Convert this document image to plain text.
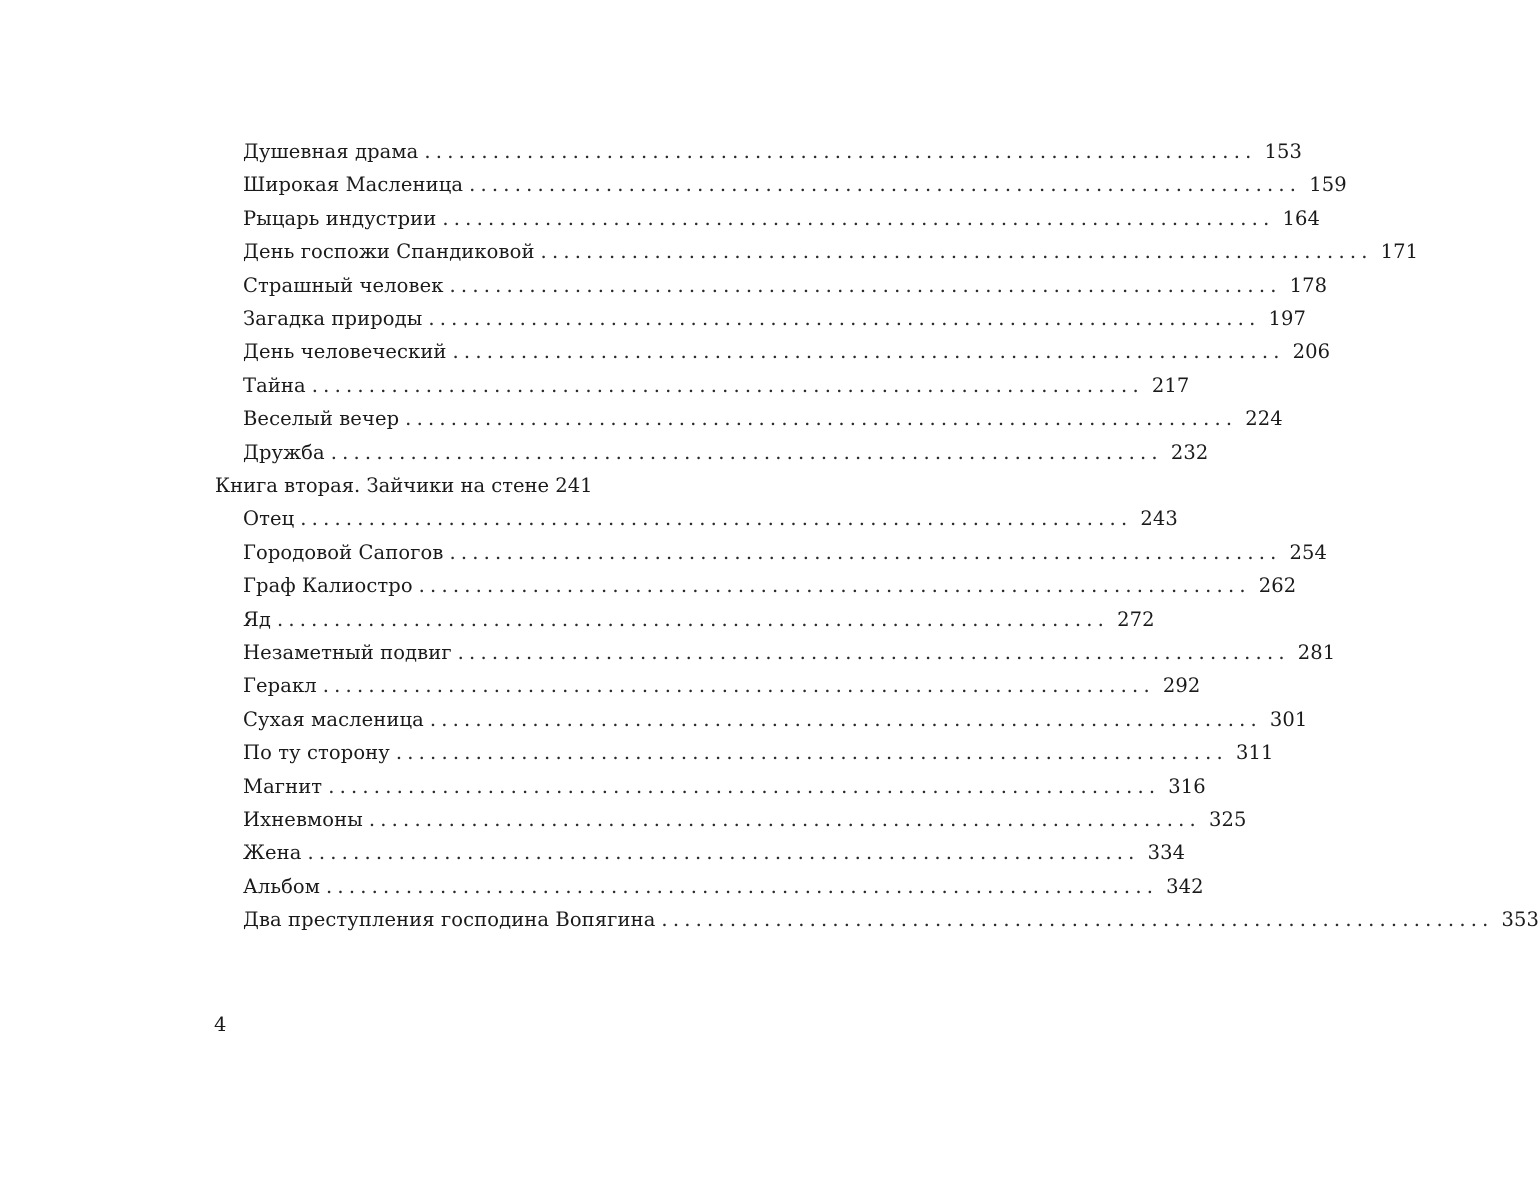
Душевная драма ......................................................................... 153
Широкая Масленица ......................................................................... 159
Рыцарь индустрии ......................................................................... 164
День госпожи Спандиковой ......................................................................... 171
Страшный человек ......................................................................... 178
Загадка природы ......................................................................... 197
День человеческий ......................................................................... 206
Тайна ......................................................................... 217
Веселый вечер ......................................................................... 224
Дружба ......................................................................... 232
Книга вторая. Зайчики на стене 241
Отец ......................................................................... 243
Городовой Сапогов ......................................................................... 254
Граф Калиостро ......................................................................... 262
Яд ......................................................................... 272
Незаметный подвиг ......................................................................... 281
Геракл ......................................................................... 292
Сухая масленица ......................................................................... 301
По ту сторону ......................................................................... 311
Магнит ......................................................................... 316
Ихневмоны ......................................................................... 325
Жена ......................................................................... 334
Альбом ......................................................................... 342
Два преступления господина Вопягина ......................................................................... 353
4
